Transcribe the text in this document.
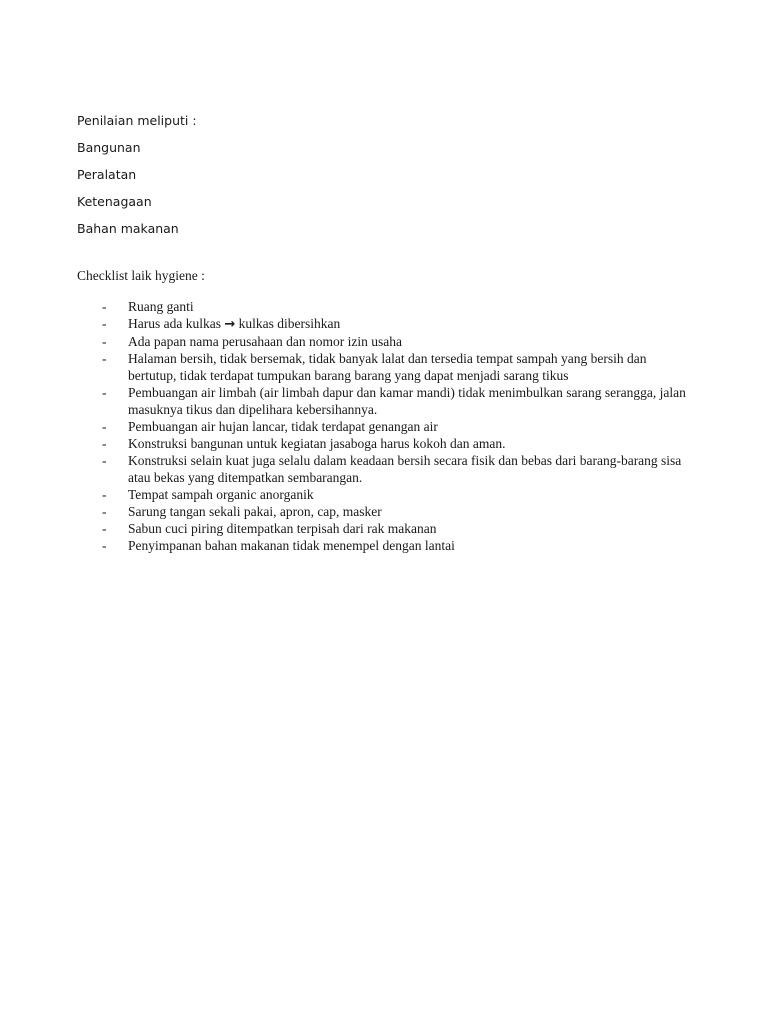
Penilaian meliputi :

Bangunan

Peralatan

Ketenagaan

Bahan makanan

Checklist laik hygiene :

- Ruang ganti
- Harus ada kulkas → kulkas dibersihkan
- Ada papan nama perusahaan dan nomor izin usaha
- Halaman bersih, tidak bersemak, tidak banyak lalat dan tersedia tempat sampah yang bersih dan bertutup, tidak terdapat tumpukan barang barang yang dapat menjadi sarang tikus
- Pembuangan air limbah (air limbah dapur dan kamar mandi) tidak menimbulkan sarang serangga, jalan masuknya tikus dan dipelihara kebersihannya.
- Pembuangan air hujan lancar, tidak terdapat genangan air
- Konstruksi bangunan untuk kegiatan jasaboga harus kokoh dan aman.
- Konstruksi selain kuat juga selalu dalam keadaan bersih secara fisik dan bebas dari barang-barang sisa atau bekas yang ditempatkan sembarangan.
- Tempat sampah organic anorganik
- Sarung tangan sekali pakai, apron, cap, masker
- Sabun cuci piring ditempatkan terpisah dari rak makanan
- Penyimpanan bahan makanan tidak menempel dengan lantai
